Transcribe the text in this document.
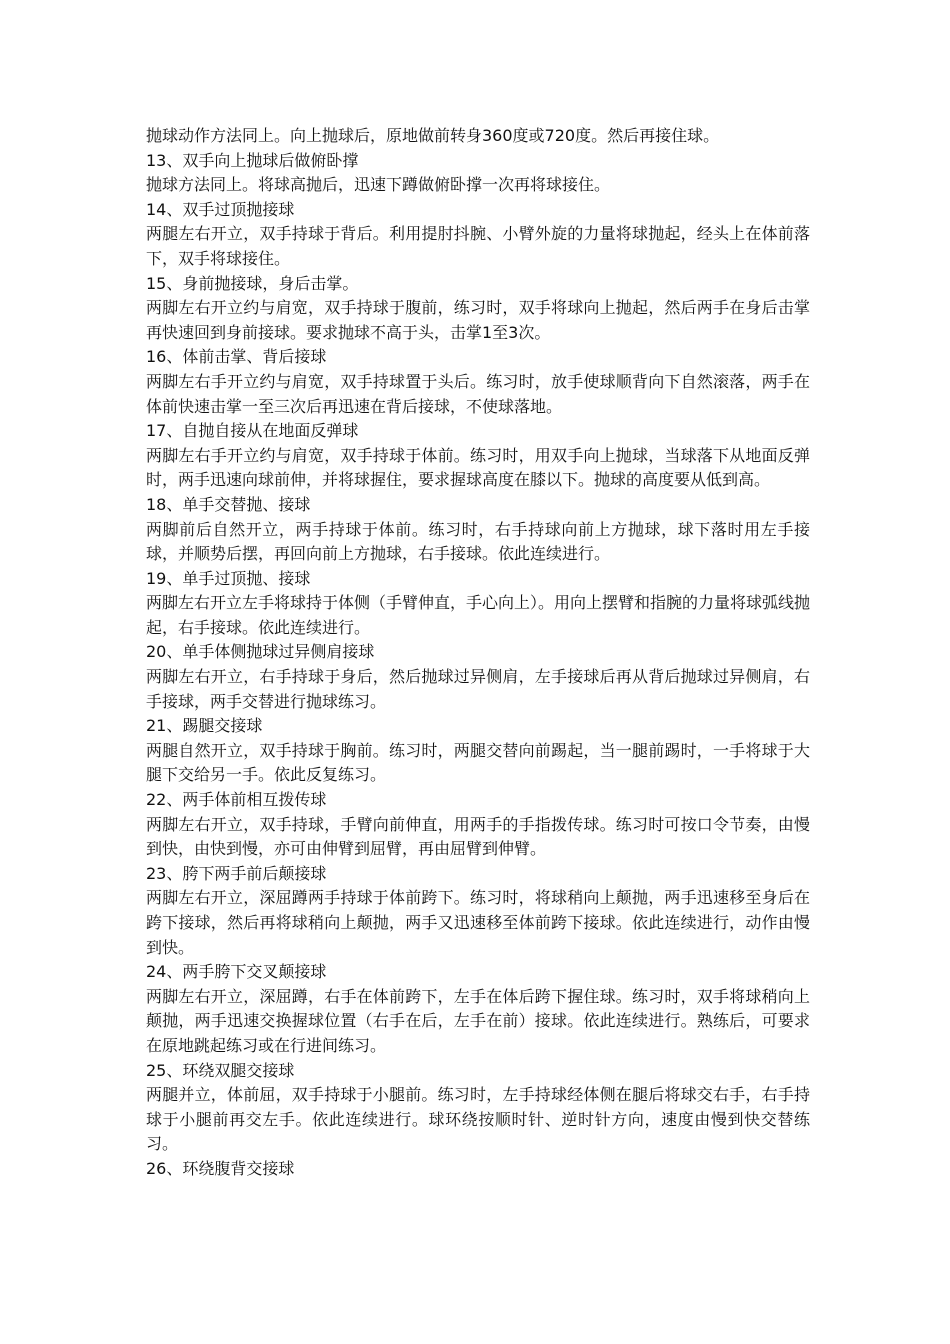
抛球动作方法同上。向上抛球后，原地做前转身360度或720度。然后再接住球。

13、双手向上抛球后做俯卧撑

抛球方法同上。将球高抛后，迅速下蹲做俯卧撑一次再将球接住。

14、双手过顶抛接球

两腿左右开立，双手持球于背后。利用提肘抖腕、小臂外旋的力量将球抛起，经头上在体前落下，双手将球接住。

15、身前抛接球，身后击掌。

两脚左右开立约与肩宽，双手持球于腹前，练习时，双手将球向上抛起，然后两手在身后击掌再快速回到身前接球。要求抛球不高于头，击掌1至3次。

16、体前击掌、背后接球

两脚左右手开立约与肩宽，双手持球置于头后。练习时，放手使球顺背向下自然滚落，两手在体前快速击掌一至三次后再迅速在背后接球，不使球落地。

17、自抛自接从在地面反弹球

两脚左右手开立约与肩宽，双手持球于体前。练习时，用双手向上抛球，当球落下从地面反弹时，两手迅速向球前伸，并将球握住，要求握球高度在膝以下。抛球的高度要从低到高。

18、单手交替抛、接球

两脚前后自然开立，两手持球于体前。练习时，右手持球向前上方抛球，球下落时用左手接球，并顺势后摆，再回向前上方抛球，右手接球。依此连续进行。

19、单手过顶抛、接球

两脚左右开立左手将球持于体侧（手臂伸直，手心向上）。用向上摆臂和指腕的力量将球弧线抛起，右手接球。依此连续进行。

20、单手体侧抛球过异侧肩接球

两脚左右开立，右手持球于身后，然后抛球过异侧肩，左手接球后再从背后抛球过异侧肩，右手接球，两手交替进行抛球练习。

21、踢腿交接球

两腿自然开立，双手持球于胸前。练习时，两腿交替向前踢起，当一腿前踢时，一手将球于大腿下交给另一手。依此反复练习。

22、两手体前相互拨传球

两脚左右开立，双手持球，手臂向前伸直，用两手的手指拨传球。练习时可按口令节奏，由慢到快，由快到慢，亦可由伸臂到屈臂，再由屈臂到伸臂。

23、胯下两手前后颠接球

两脚左右开立，深屈蹲两手持球于体前跨下。练习时，将球稍向上颠抛，两手迅速移至身后在跨下接球，然后再将球稍向上颠抛，两手又迅速移至体前跨下接球。依此连续进行，动作由慢到快。

24、两手胯下交叉颠接球

两脚左右开立，深屈蹲，右手在体前跨下，左手在体后跨下握住球。练习时，双手将球稍向上颠抛，两手迅速交换握球位置（右手在后，左手在前）接球。依此连续进行。熟练后，可要求在原地跳起练习或在行进间练习。

25、环绕双腿交接球

两腿并立，体前屈，双手持球于小腿前。练习时，左手持球经体侧在腿后将球交右手，右手持球于小腿前再交左手。依此连续进行。球环绕按顺时针、逆时针方向，速度由慢到快交替练习。

26、环绕腹背交接球
